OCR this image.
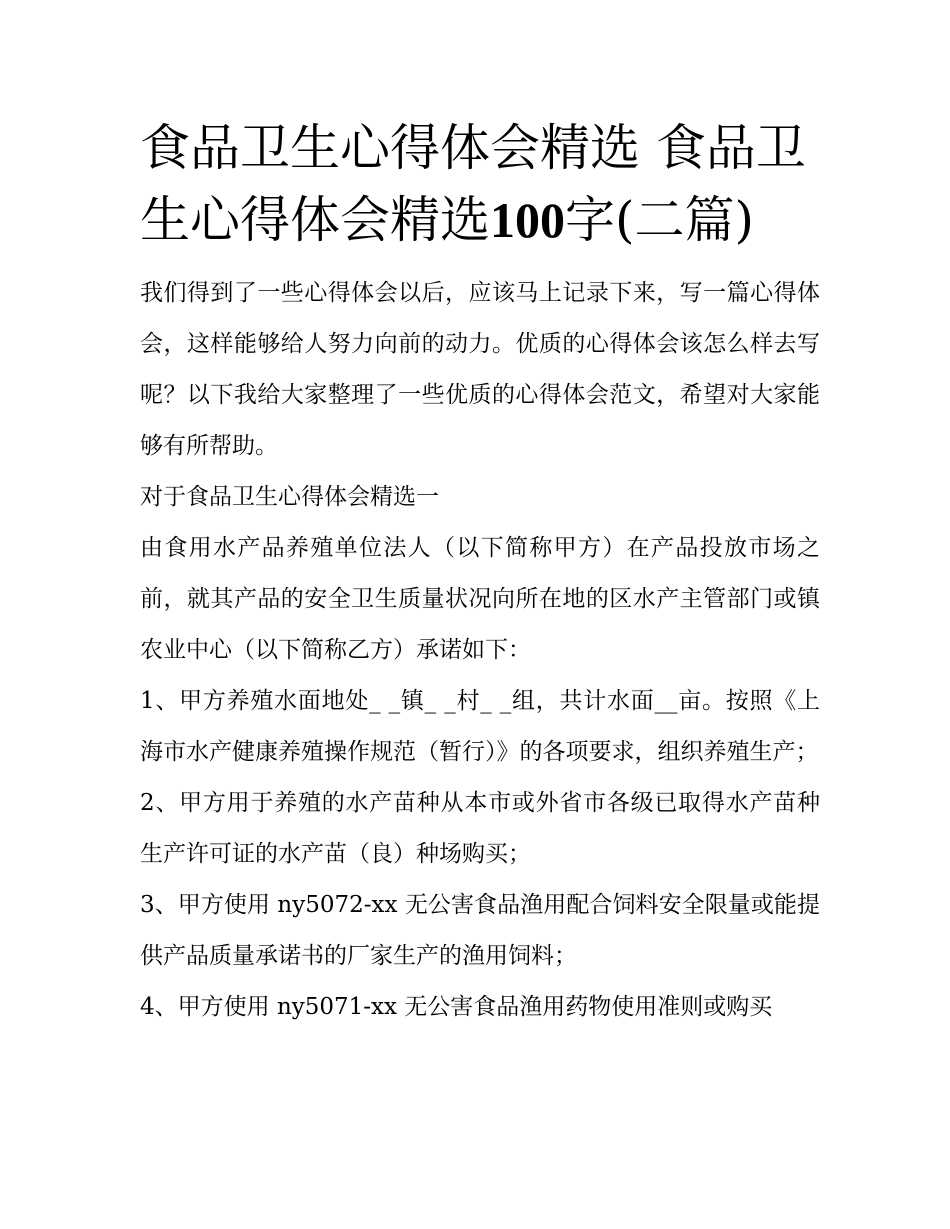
食品卫生心得体会精选 食品卫生心得体会精选100字(二篇)

我们得到了一些心得体会以后，应该马上记录下来，写一篇心得体会，这样能够给人努力向前的动力。优质的心得体会该怎么样去写呢？以下我给大家整理了一些优质的心得体会范文，希望对大家能够有所帮助。

对于食品卫生心得体会精选一

由食用水产品养殖单位法人（以下简称甲方）在产品投放市场之前，就其产品的安全卫生质量状况向所在地的区水产主管部门或镇农业中心（以下简称乙方）承诺如下：

1、甲方养殖水面地处_ _镇_ _村_ _组，共计水面__亩。按照《上海市水产健康养殖操作规范（暂行）》的各项要求，组织养殖生产；

2、甲方用于养殖的水产苗种从本市或外省市各级已取得水产苗种生产许可证的水产苗（良）种场购买；

3、甲方使用 ny5072-xx 无公害食品渔用配合饲料安全限量或能提供产品质量承诺书的厂家生产的渔用饲料；

4、甲方使用 ny5071-xx 无公害食品渔用药物使用准则或购买
